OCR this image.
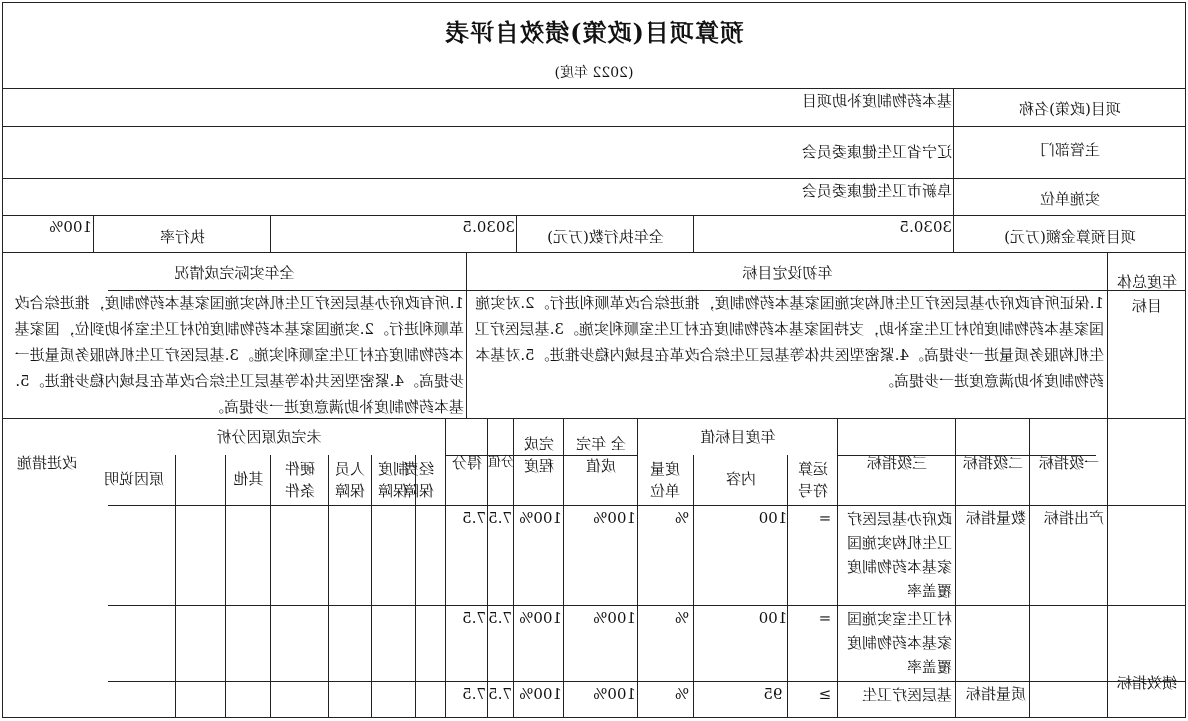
预算项目(政策)绩效自评表
(2022 年度)
项目(政策)名称
基本药物制度补助项目
主管部门
辽宁省卫生健康委员会
实施单位
阜新市卫生健康委员会
项目预算金额(万元)
3030.5
全年执行数(万元)
3030.5
执行率
100%
年度总体目标
年初设定目标
全年实际完成情况
1.保证所有政府办基层医疗卫生机构实施国家基本药物制度，推进综合改革顺利进行。2.对实施国家基本药物制度的村卫生室补助，支持国家基本药物制度在村卫生室顺利实施。3.基层医疗卫生机构服务质量进一步提高。4.紧密型医共体等基层卫生综合改革在县域内稳步推进。5.对基本药物制度补助满意度进一步提高。
1.所有政府办基层医疗卫生机构实施国家基本药物制度，推进综合改革顺利进行。2.实施国家基本药物制度的村卫生室补助到位，国家基本药物制度在村卫生室顺利实施。3.基层医疗卫生机构服务质量进一步提高。4.紧密型医共体等基层卫生综合改革在县域内稳步推进。5.基本药物制度补助满意度进一步提高。
绩效指标
一级指标
二级指标
三级指标
年度目标值
运算符号
内容
度量单位
全 年完成值
完成程度
分值
得分
未完成原因分析
经费保障
制度保障
人员保障
硬件条件
其他
原因说明
改进措施
产出指标
数量指标
政府办基层医疗卫生机构实施国家基本药物制度覆盖率
=
100
%
100%
100%
7.5
7.5
村卫生室实施国家基本药物制度覆盖率
=
100
%
100%
100%
7.5
7.5
质量指标
基层医疗卫生
≥
95
%
100%
100%
7.5
7.5
